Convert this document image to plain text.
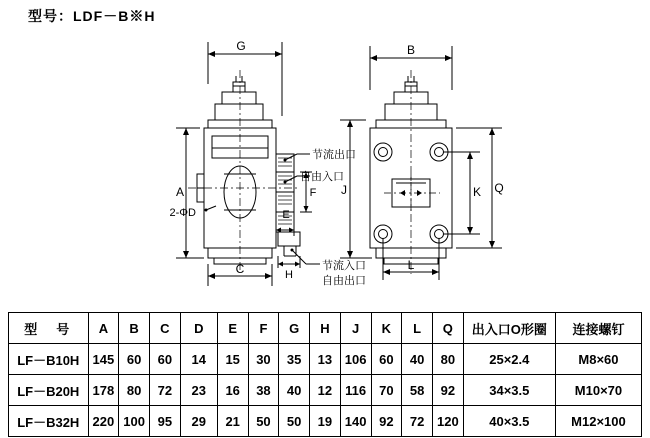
型号：LDF－B※H
G
A
C
E
F
H
2-ΦD
B
J	K Q
L
节流出口
自由入口
节流入口
自由出口
型　号	A	B	C	D	E	F	G	H	J	K	L	Q	出入口O形圈	连接螺钉
LF－B10H	145	60	60	14	15	30	35	13	106	60	40	80	25×2.4	M8×60
LF－B20H	178	80	72	23	16	38	40	12	116	70	58	92	34×3.5	M10×70
LF－B32H	220	100	95	29	21	50	50	19	140	92	72	120	40×3.5	M12×100
